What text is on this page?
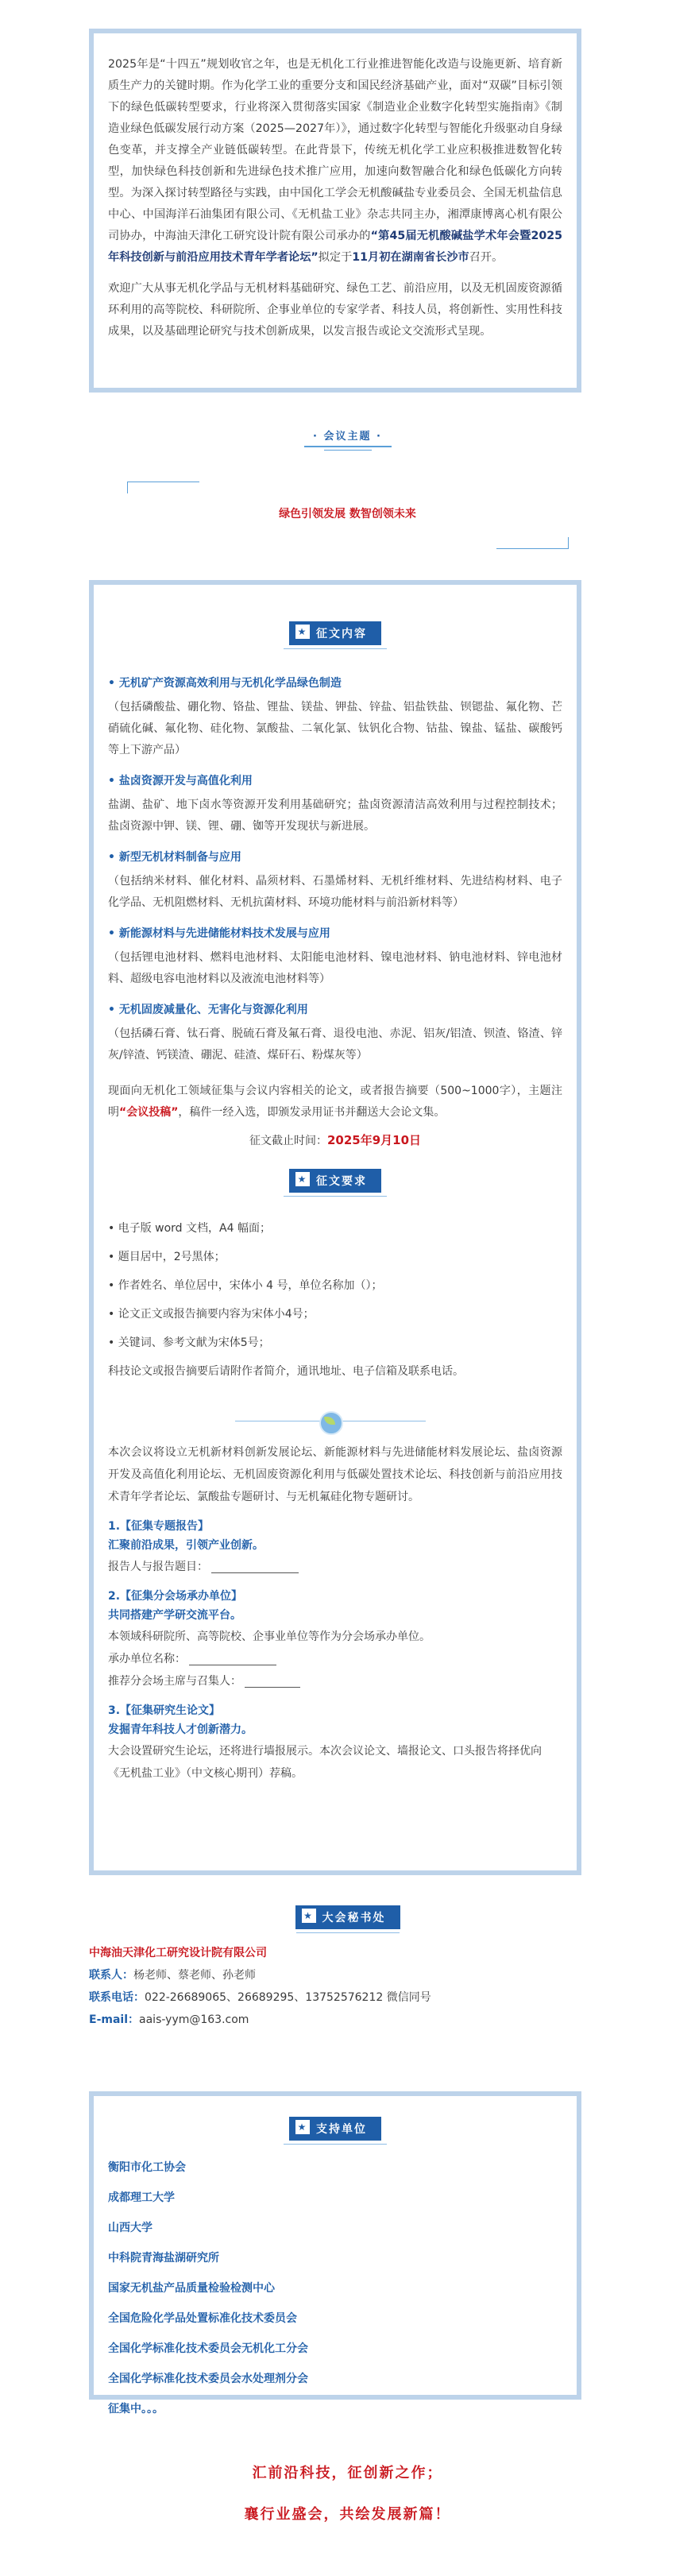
2025年是“十四五”规划收官之年，也是无机化工行业推进智能化改造与设施更新、培育新质生产力的关键时期。作为化学工业的重要分支和国民经济基础产业，面对“双碳”目标引领下的绿色低碳转型要求，行业将深入贯彻落实国家《制造业企业数字化转型实施指南》《制造业绿色低碳发展行动方案（2025—2027年）》，通过数字化转型与智能化升级驱动自身绿色变革，并支撑全产业链低碳转型。在此背景下，传统无机化学工业应积极推进数智化转型，加快绿色科技创新和先进绿色技术推广应用，加速向数智融合化和绿色低碳化方向转型。为深入探讨转型路径与实践，由中国化工学会无机酸碱盐专业委员会、全国无机盐信息中心、中国海洋石油集团有限公司、《无机盐工业》杂志共同主办，湘潭康博离心机有限公司协办，中海油天津化工研究设计院有限公司承办的“第45届无机酸碱盐学术年会暨2025年科技创新与前沿应用技术青年学者论坛”拟定于11月初在湖南省长沙市召开。

欢迎广大从事无机化学品与无机材料基础研究、绿色工艺、前沿应用，以及无机固废资源循环利用的高等院校、科研院所、企事业单位的专家学者、科技人员，将创新性、实用性科技成果，以及基础理论研究与技术创新成果，以发言报告或论文交流形式呈现。

· 会议主题 ·
绿色引领发展 数智创领未来
★ 征文内容
• 无机矿产资源高效利用与无机化学品绿色制造
（包括磷酸盐、硼化物、铬盐、锂盐、镁盐、钾盐、锌盐、铝盐铁盐、钡锶盐、氟化物、芒硝硫化碱、氟化物、硅化物、氯酸盐、二氧化氯、钛钒化合物、钴盐、镍盐、锰盐、碳酸钙等上下游产品）
• 盐卤资源开发与高值化利用
盐湖、盐矿、地下卤水等资源开发利用基础研究；盐卤资源清洁高效利用与过程控制技术；盐卤资源中钾、镁、锂、硼、铷等开发现状与新进展。
• 新型无机材料制备与应用
（包括纳米材料、催化材料、晶须材料、石墨烯材料、无机纤维材料、先进结构材料、电子化学品、无机阻燃材料、无机抗菌材料、环境功能材料与前沿新材料等）
• 新能源材料与先进储能材料技术发展与应用
（包括锂电池材料、燃料电池材料、太阳能电池材料、镍电池材料、钠电池材料、锌电池材料、超级电容电池材料以及液流电池材料等）
• 无机固废减量化、无害化与资源化利用
（包括磷石膏、钛石膏、脱硫石膏及氟石膏、退役电池、赤泥、铝灰/铝渣、钡渣、铬渣、锌灰/锌渣、钙镁渣、硼泥、硅渣、煤矸石、粉煤灰等）
现面向无机化工领域征集与会议内容相关的论文，或者报告摘要（500~1000字），主题注明“会议投稿”，稿件一经入选，即颁发录用证书并翻送大会论文集。
征文截止时间：2025年9月10日
★ 征文要求

• 电子版 word 文档，A4 幅面；

• 题目居中，2号黑体；

• 作者姓名、单位居中，宋体小 4 号，单位名称加（）；

• 论文正文或报告摘要内容为宋体小4号；

• 关键词、参考文献为宋体5号；

科技论文或报告摘要后请附作者简介，通讯地址、电子信箱及联系电话。

本次会议将设立无机新材料创新发展论坛、新能源材料与先进储能材料发展论坛、盐卤资源开发及高值化利用论坛、无机固废资源化利用与低碳处置技术论坛、科技创新与前沿应用技术青年学者论坛、氯酸盐专题研讨、与无机氟硅化物专题研讨。
1.【征集专题报告】
汇聚前沿成果，引领产业创新。
报告人与报告题目：
2.【征集分会场承办单位】
共同搭建产学研交流平台。
本领域科研院所、高等院校、企事业单位等作为分会场承办单位。
承办单位名称：
推荐分会场主席与召集人：
3.【征集研究生论文】
发掘青年科技人才创新潜力。
大会设置研究生论坛，还将进行墙报展示。本次会议论文、墙报论文、口头报告将择优向《无机盐工业》（中文核心期刊）荐稿。
★ 大会秘书处
中海油天津化工研究设计院有限公司
联系人：杨老师、蔡老师、孙老师
联系电话：022-26689065、26689295、13752576212 微信同号
E-mail：aais-yym@163.com
★ 支持单位

衡阳市化工协会

成都理工大学

山西大学

中科院青海盐湖研究所

国家无机盐产品质量检验检测中心

全国危险化学品处置标准化技术委员会

全国化学标准化技术委员会无机化工分会

全国化学标准化技术委员会水处理剂分会

征集中。。。

汇前沿科技，征创新之作；
襄行业盛会，共绘发展新篇！
